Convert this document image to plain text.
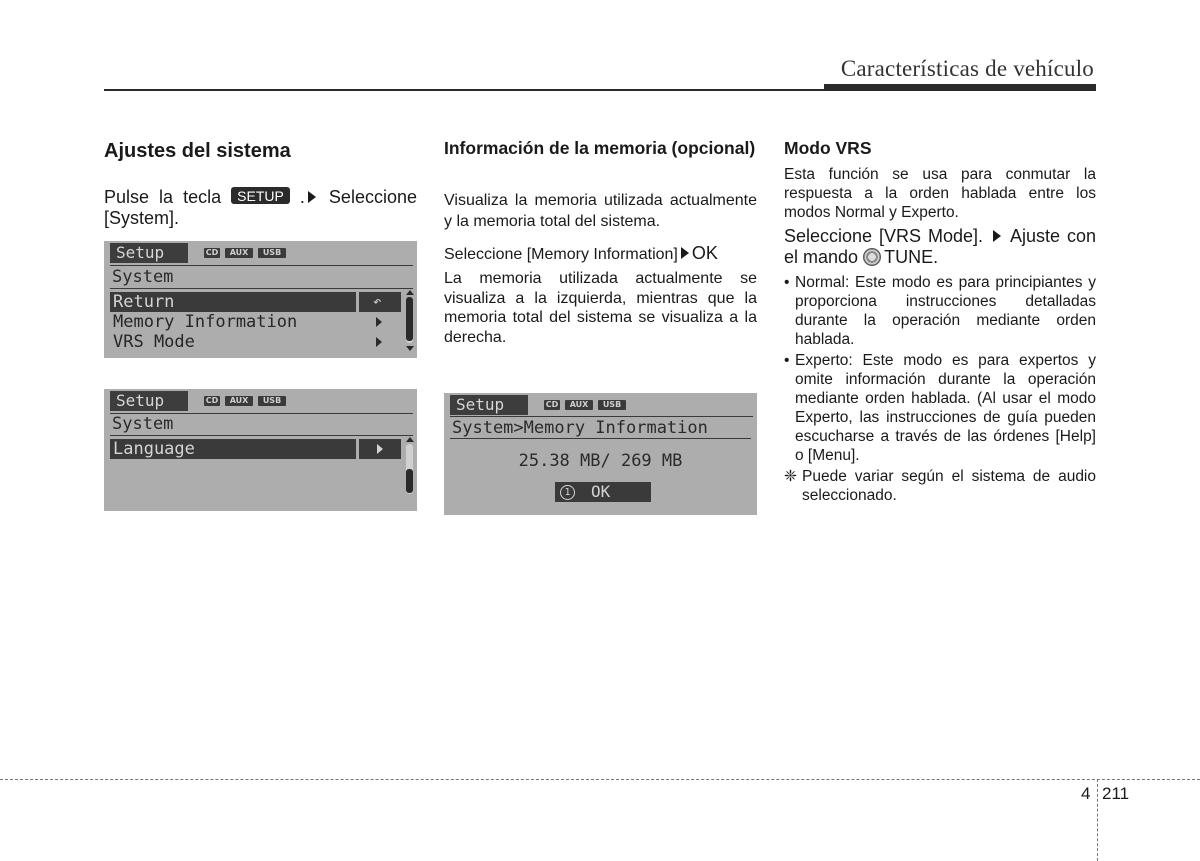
Características de vehículo
Ajustes del sistema

Pulse la tecla SETUP . Seleccione [System].

Setup	CD	AUX	USB
System
Return	↶
Memory Information
VRS Mode
Setup	CD	AUX	USB
System
Language
Información de la memoria (opcional)

Visualiza la memoria utilizada actualmente y la memoria total del sistema.

Seleccione [Memory Information] OK

La memoria utilizada actualmente se visualiza a la izquierda, mientras que la memoria total del sistema se visualiza a la derecha.

Setup	CD	AUX	USB
System>Memory Information
25.38 MB/ 269 MB
1 OK
Modo VRS

Esta función se usa para conmutar la respuesta a la orden hablada entre los modos Normal y Experto.

Seleccione [VRS Mode]. Ajuste con el mando TUNE.

• Normal: Este modo es para principiantes y proporciona instrucciones detalladas durante la operación mediante orden hablada.
• Experto: Este modo es para expertos y omite información durante la operación mediante orden hablada. (Al usar el modo Experto, las instrucciones de guía pueden escucharse a través de las órdenes [Help] o [Menu].
❈ Puede variar según el sistema de audio seleccionado.
4 211
